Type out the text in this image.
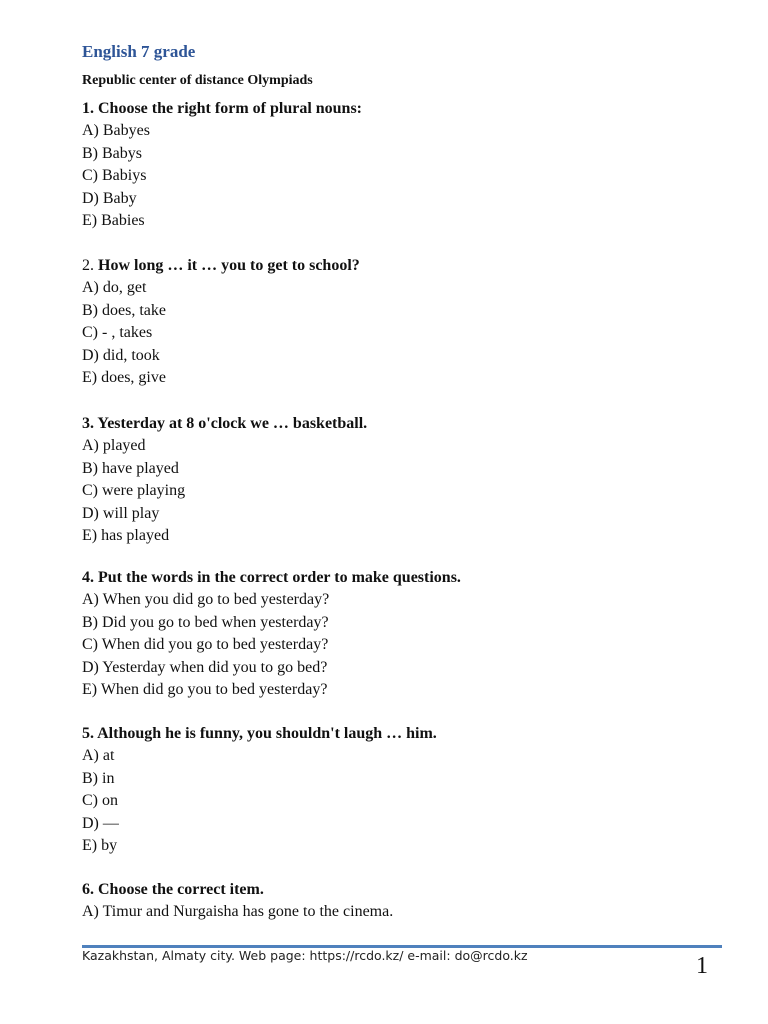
English 7 grade

Republic center of distance Olympiads

1. Choose the right form of plural nouns:

A) Babyes
B) Babys
C) Babiys
D) Baby
E) Babies

2. How long … it … you to get to school?

A) do, get
B) does, take
C) - , takes
D) did, took
E) does, give

3. Yesterday at 8 o'clock we … basketball.

A) played
B) have played
C) were playing
D) will play
E) has played

4. Put the words in the correct order to make questions.

A) When you did go to bed yesterday?
B) Did you go to bed when yesterday?
C) When did you go to bed yesterday?
D) Yesterday when did you to go bed?
E) When did go you to bed yesterday?

5. Although he is funny, you shouldn't laugh … him.

A) at
B) in
C) on
D) —
E) by

6. Choose the correct item.

A) Timur and Nurgaisha has gone to the cinema.
Kazakhstan, Almaty city. Web page: https://rcdo.kz/ e-mail: do@rcdo.kz	1
